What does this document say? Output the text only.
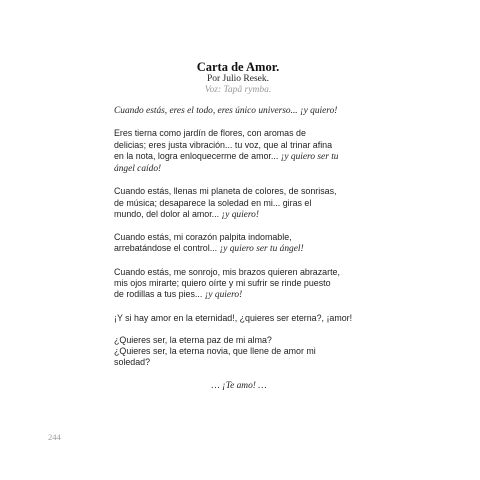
Carta de Amor.
Por Julio Resek.
Voz: Tapã rymba.

Cuando estás, eres el todo, eres único universo... ¡y quiero!

Eres tierna como jardín de flores, con aromas de
delicias; eres justa vibración... tu voz, que al trinar afina
en la nota, logra enloquecerme de amor... ¡y quiero ser tu
ángel caído!

Cuando estás, llenas mi planeta de colores, de sonrisas,
de música; desaparece la soledad en mi... giras el
mundo, del dolor al amor... ¡y quiero!

Cuando estás, mi corazón palpita indomable,
arrebatándose el control... ¡y quiero ser tu ángel!

Cuando estás, me sonrojo, mis brazos quieren abrazarte,
mis ojos mirarte; quiero oírte y mi sufrir se rinde puesto
de rodillas a tus pies... ¡y quiero!

¡Y si hay amor en la eternidad!, ¿quieres ser eterna?, ¡amor!

¿Quieres ser, la eterna paz de mi alma?
¿Quieres ser, la eterna novia, que llene de amor mi
soledad?

… ¡Te amo! …

244
